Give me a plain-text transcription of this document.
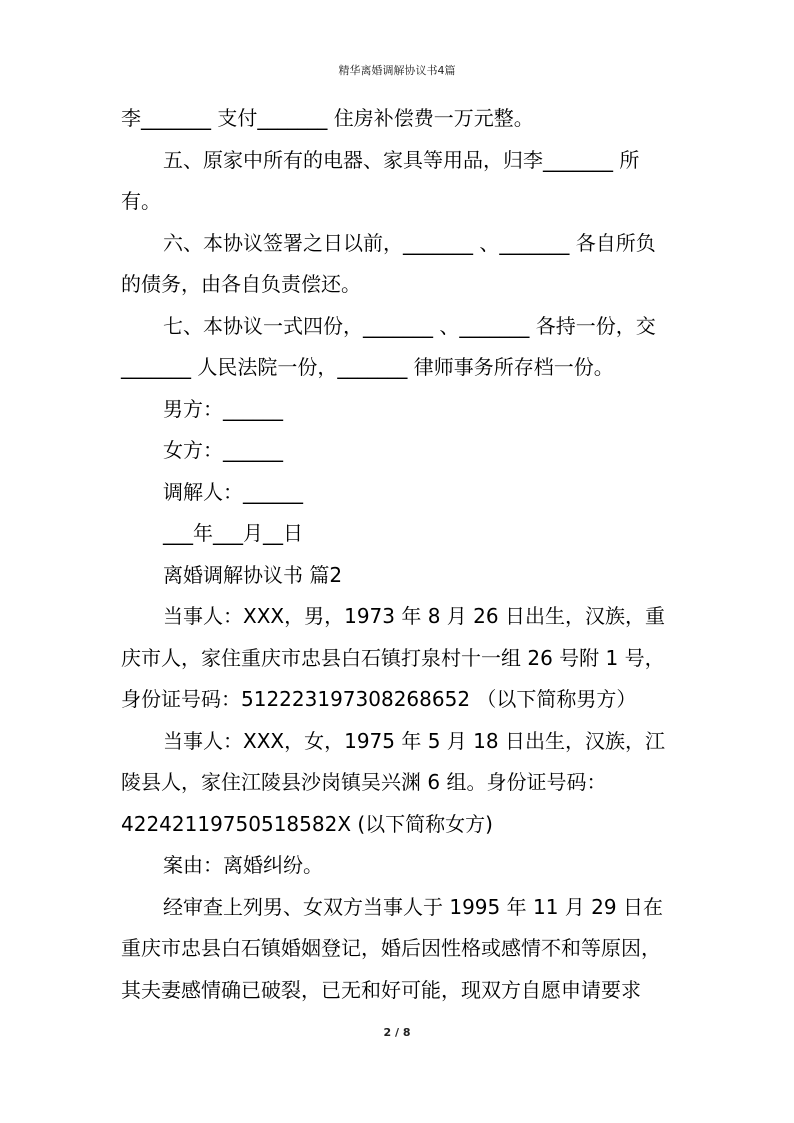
精华离婚调解协议书4篇

李_______ 支付_______ 住房补偿费一万元整。

五、原家中所有的电器、家具等用品，归李_______ 所

有。

六、本协议签署之日以前，_______ 、_______ 各自所负

的债务，由各自负责偿还。

七、本协议一式四份，_______ 、_______ 各持一份，交

_______ 人民法院一份，_______ 律师事务所存档一份。

男方：______

女方：______

调解人：______

___年___月__日

离婚调解协议书 篇2

当事人：XXX，男，1973 年 8 月 26 日出生，汉族，重

庆市人，家住重庆市忠县白石镇打泉村十一组 26 号附 1 号，

身份证号码：512223197308268652 （以下简称男方）

当事人：XXX，女，1975 年 5 月 18 日出生，汉族，江

陵县人，家住江陵县沙岗镇吴兴渊 6 组。身份证号码：

42242119750518582X (以下简称女方)

案由：离婚纠纷。

经审查上列男、女双方当事人于 1995 年 11 月 29 日在

重庆市忠县白石镇婚姻登记，婚后因性格或感情不和等原因，

其夫妻感情确已破裂，已无和好可能，现双方自愿申请要求

2 / 8
